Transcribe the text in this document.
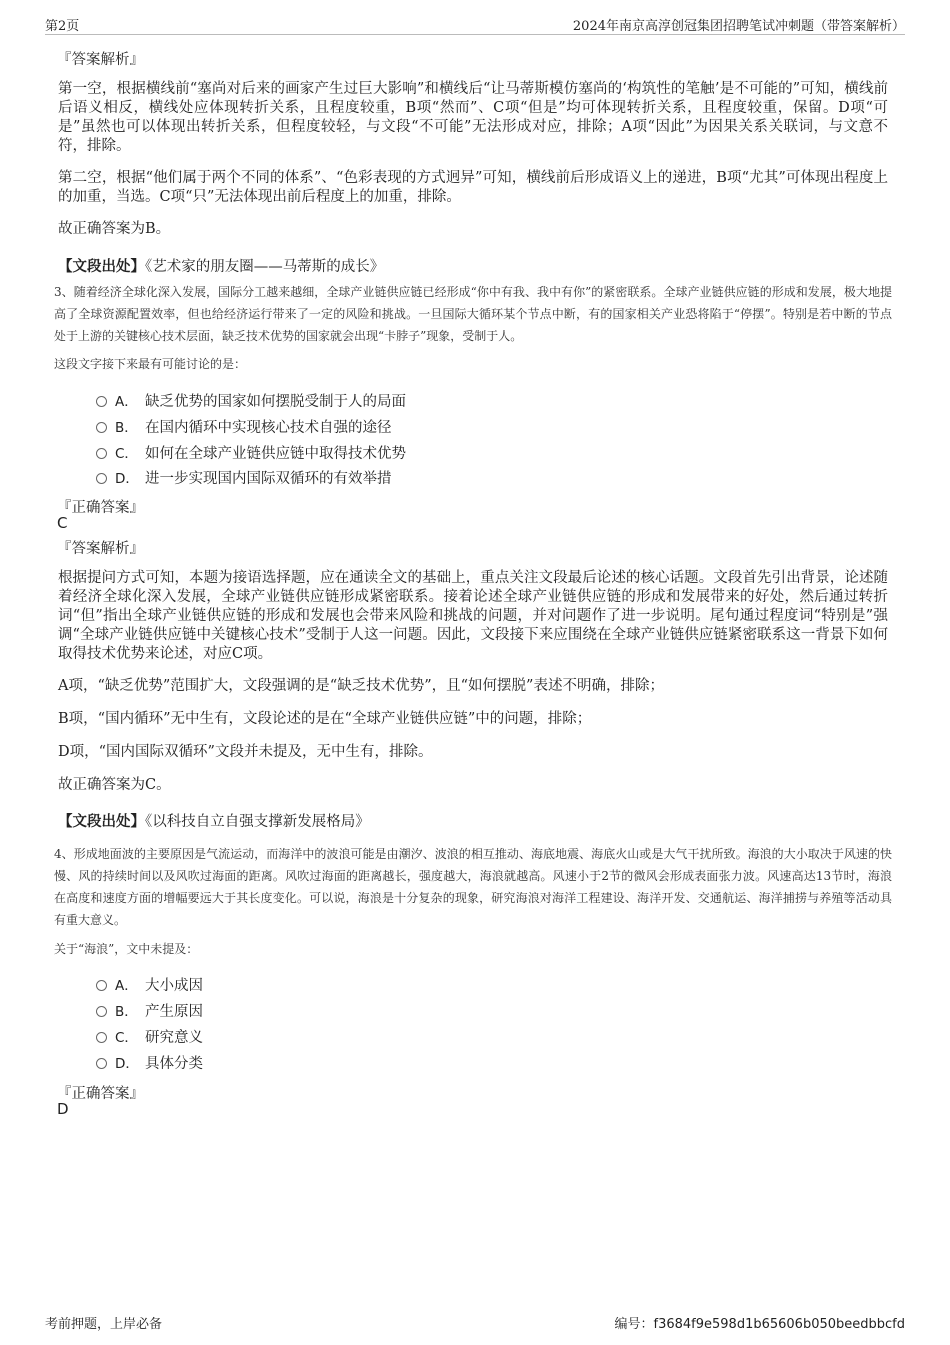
第2页	2024年南京高淳创冠集团招聘笔试冲刺题（带答案解析）
『答案解析』

第一空，根据横线前“塞尚对后来的画家产生过巨大影响”和横线后“让马蒂斯模仿塞尚的‘构筑性的笔触’是不可能的”可知，横线前后语义相反，横线处应体现转折关系，且程度较重，B项“然而”、C项“但是”均可体现转折关系，且程度较重，保留。D项“可是”虽然也可以体现出转折关系，但程度较轻，与文段“不可能”无法形成对应，排除；A项“因此”为因果关系关联词，与文意不符，排除。

第二空，根据“他们属于两个不同的体系”、“色彩表现的方式迥异”可知，横线前后形成语义上的递进，B项“尤其”可体现出程度上的加重，当选。C项“只”无法体现出前后程度上的加重，排除。

故正确答案为B。

【文段出处】《艺术家的朋友圈——马蒂斯的成长》

3、随着经济全球化深入发展，国际分工越来越细，全球产业链供应链已经形成“你中有我、我中有你”的紧密联系。全球产业链供应链的形成和发展，极大地提高了全球资源配置效率，但也给经济运行带来了一定的风险和挑战。一旦国际大循环某个节点中断，有的国家相关产业恐将陷于“停摆”。特别是若中断的节点处于上游的关键核心技术层面，缺乏技术优势的国家就会出现“卡脖子”现象，受制于人。

这段文字接下来最有可能讨论的是：
A． 缺乏优势的国家如何摆脱受制于人的局面
B． 在国内循环中实现核心技术自强的途径
C． 如何在全球产业链供应链中取得技术优势
D． 进一步实现国内国际双循环的有效举措
『正确答案』
C
『答案解析』

根据提问方式可知，本题为接语选择题，应在通读全文的基础上，重点关注文段最后论述的核心话题。文段首先引出背景，论述随着经济全球化深入发展，全球产业链供应链形成紧密联系。接着论述全球产业链供应链的形成和发展带来的好处，然后通过转折词“但”指出全球产业链供应链的形成和发展也会带来风险和挑战的问题，并对问题作了进一步说明。尾句通过程度词“特别是”强调“全球产业链供应链中关键核心技术”受制于人这一问题。因此，文段接下来应围绕在全球产业链供应链紧密联系这一背景下如何取得技术优势来论述，对应C项。

A项，“缺乏优势”范围扩大，文段强调的是“缺乏技术优势”，且“如何摆脱”表述不明确，排除；

B项，“国内循环”无中生有，文段论述的是在“全球产业链供应链”中的问题，排除；

D项，“国内国际双循环”文段并未提及，无中生有，排除。

故正确答案为C。

【文段出处】《以科技自立自强支撑新发展格局》

4、形成地面波的主要原因是气流运动，而海洋中的波浪可能是由潮汐、波浪的相互推动、海底地震、海底火山或是大气干扰所致。海浪的大小取决于风速的快慢、风的持续时间以及风吹过海面的距离。风吹过海面的距离越长，强度越大，海浪就越高。风速小于2节的微风会形成表面张力波。风速高达13节时，海浪在高度和速度方面的增幅要远大于其长度变化。可以说，海浪是十分复杂的现象，研究海浪对海洋工程建设、海洋开发、交通航运、海洋捕捞与养殖等活动具有重大意义。

关于“海浪”，文中未提及：
A． 大小成因
B． 产生原因
C． 研究意义
D． 具体分类
『正确答案』
D
考前押题，上岸必备	编号：f3684f9e598d1b65606b050beedbbcfd
